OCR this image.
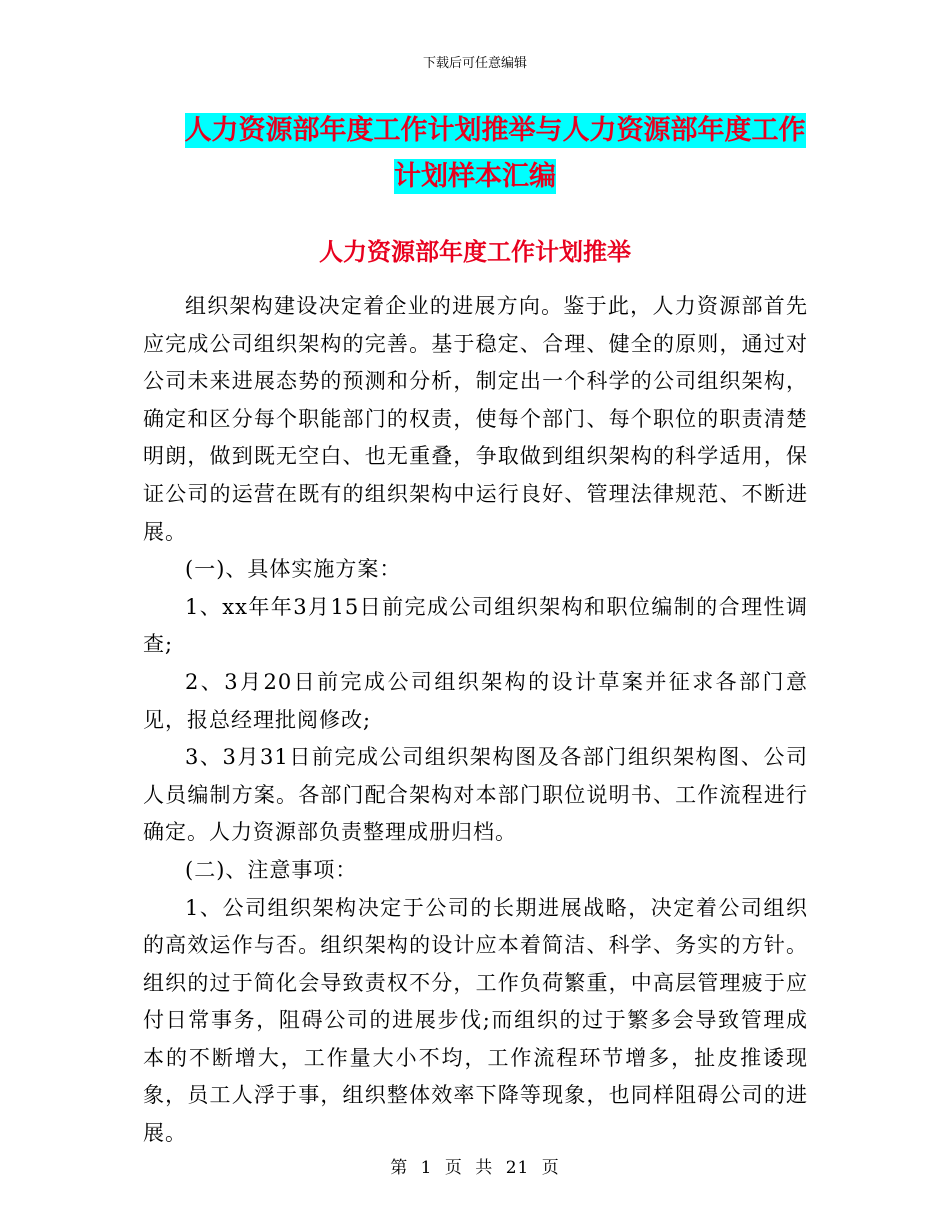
下载后可任意编辑
人力资源部年度工作计划推举与人力资源部年度工作
计划样本汇编
人力资源部年度工作计划推举

组织架构建设决定着企业的进展方向。鉴于此，人力资源部首先应完成公司组织架构的完善。基于稳定、合理、健全的原则，通过对公司未来进展态势的预测和分析，制定出一个科学的公司组织架构，确定和区分每个职能部门的权责，使每个部门、每个职位的职责清楚明朗，做到既无空白、也无重叠，争取做到组织架构的科学适用，保证公司的运营在既有的组织架构中运行良好、管理法律规范、不断进展。

(一)、具体实施方案：

1、xx年年3月15日前完成公司组织架构和职位编制的合理性调查;

2、3月20日前完成公司组织架构的设计草案并征求各部门意见，报总经理批阅修改;

3、3月31日前完成公司组织架构图及各部门组织架构图、公司人员编制方案。各部门配合架构对本部门职位说明书、工作流程进行确定。人力资源部负责整理成册归档。

(二)、注意事项：

1、公司组织架构决定于公司的长期进展战略，决定着公司组织的高效运作与否。组织架构的设计应本着简洁、科学、务实的方针。组织的过于简化会导致责权不分，工作负荷繁重，中高层管理疲于应付日常事务，阻碍公司的进展步伐;而组织的过于繁多会导致管理成本的不断增大，工作量大小不均，工作流程环节增多，扯皮推诿现象，员工人浮于事，组织整体效率下降等现象，也同样阻碍公司的进展。

第 1 页 共 21 页
